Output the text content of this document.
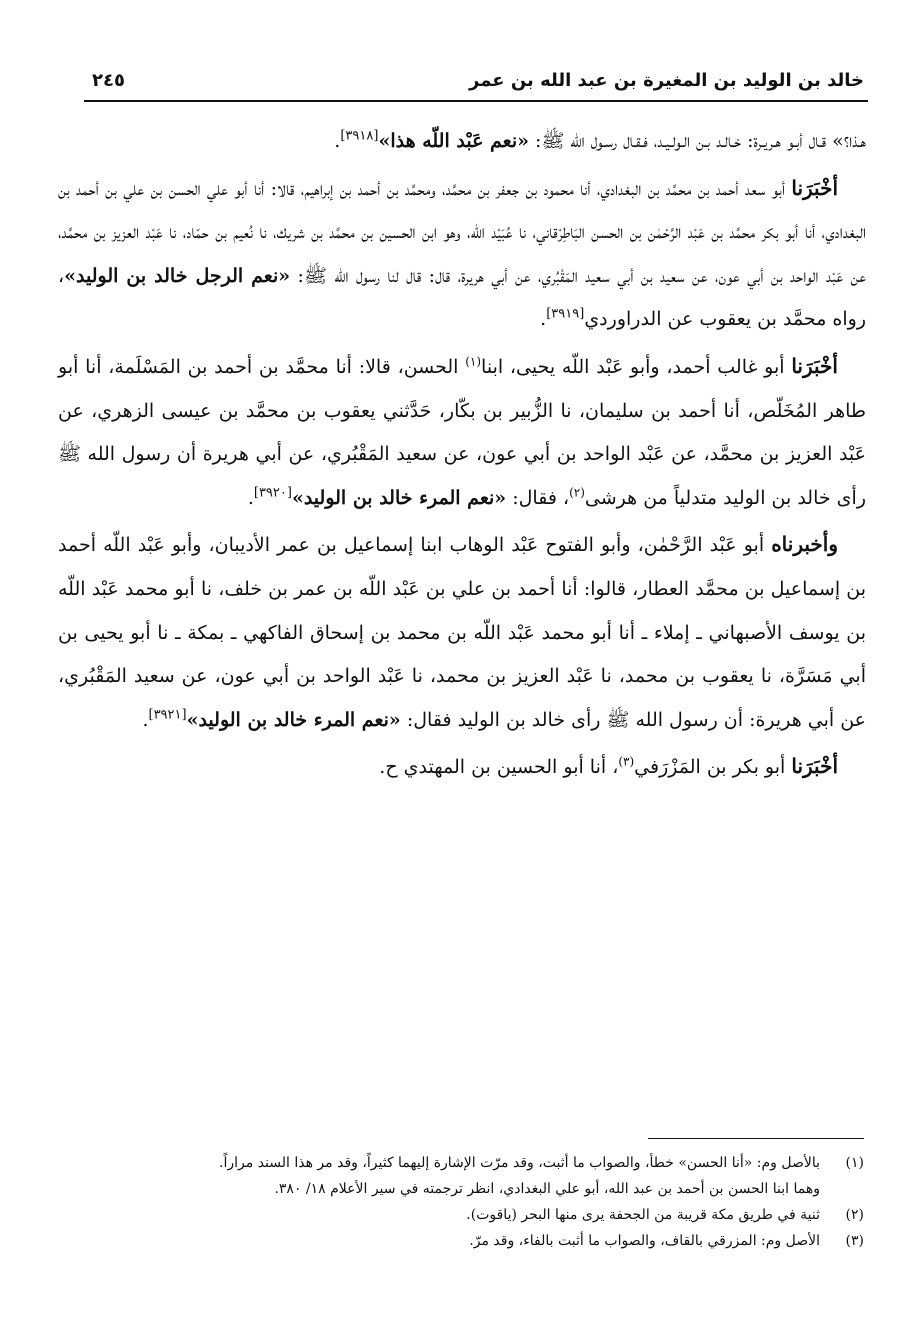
خالد بن الوليد بن المغيرة بن عبد الله بن عمر
٢٤٥

هـذا؟» قـال أبـو هـريـرة: خـالـد بـن الـولـيـد، فـقـال رسـول الله ﷺ: «نعم عَبْد اللّه هذا»[٣٩١٨].

أخْبَرَنا أبو سعد أحمد بن محمَّد بن البغدادي، أنا محمود بن جعفر بن محمَّد، ومحمَّد بن أحمد بن إبراهيم، قالا: أنا أبو علي الحسن بن علي بن أحمد بن البغدادي، أنا أبو بكر محمَّد بن عَبْد الرَّحْمٰن بن الحسن البَاطِرْقاني، نا عُبَيْد اللّه، وهو ابن الحسين بن محمَّد بن شريك، نا نُعيم بن حمّاد، نا عَبْد العزيز بن محمَّد، عن عَبْد الواحد بن أبي عون، عن سعيد بن أبي سعيد المَقْبُري، عن أبي هريرة، قال: قال لنا رسول الله ﷺ: «نعم الرجل خالد بن الوليد»، رواه محمَّد بن يعقوب عن الدراوردي[٣٩١٩].

أخْبَرَنا أبو غالب أحمد، وأبو عَبْد اللّه يحيى، ابنا$^{(١)}$ الحسن، قالا: أنا محمَّد بن أحمد بن المَسْلَمة، أنا أبو طاهر المُخَلّص، أنا أحمد بن سليمان، نا الزُّبير بن بكّار، حَدَّثني يعقوب بن محمَّد بن عيسى الزهري، عن عَبْد العزيز بن محمَّد، عن عَبْد الواحد بن أبي عون، عن سعيد المَقْبُري، عن أبي هريرة أن رسول الله ﷺ رأى خالد بن الوليد متدلياً من هرشى$^{(٢)}$، فقال: «نعم المرء خالد بن الوليد»[٣٩٢٠].

وأخبرناه أبو عَبْد الرَّحْمٰن، وأبو الفتوح عَبْد الوهاب ابنا إسماعيل بن عمر الأديبان، وأبو عَبْد اللّه أحمد بن إسماعيل بن محمَّد العطار، قالوا: أنا أحمد بن علي بن عَبْد اللّه بن عمر بن خلف، نا أبو محمد عَبْد اللّه بن يوسف الأصبهاني ـ إملاء ـ أنا أبو محمد عَبْد اللّه بن محمد بن إسحاق الفاكهي ـ بمكة ـ نا أبو يحيى بن أبي مَسَرَّة، نا يعقوب بن محمد، نا عَبْد العزيز بن محمد، نا عَبْد الواحد بن أبي عون، عن سعيد المَقْبُري، عن أبي هريرة: أن رسول الله ﷺ رأى خالد بن الوليد فقال: «نعم المرء خالد بن الوليد»[٣٩٢١].

أخْبَرَنا أبو بكر بن المَزْرَفي$^{(٣)}$، أنا أبو الحسين بن المهتدي ح.

(١)
بالأصل وم: «أنا الحسن» خطأ، والصواب ما أثبت، وقد مرّت الإشارة إليهما كثيراً، وقد مر هذا السند مراراً.

وهما ابنا الحسن بن أحمد بن عبد الله، أبو علي البغدادي، انظر ترجمته في سير الأعلام ١٨/ ٣٨٠.

(٢)
ثنية في طريق مكة قريبة من الجحفة يرى منها البحر (ياقوت).

(٣)
الأصل وم: المزرقي بالقاف، والصواب ما أثبت بالفاء، وقد مرّ.
